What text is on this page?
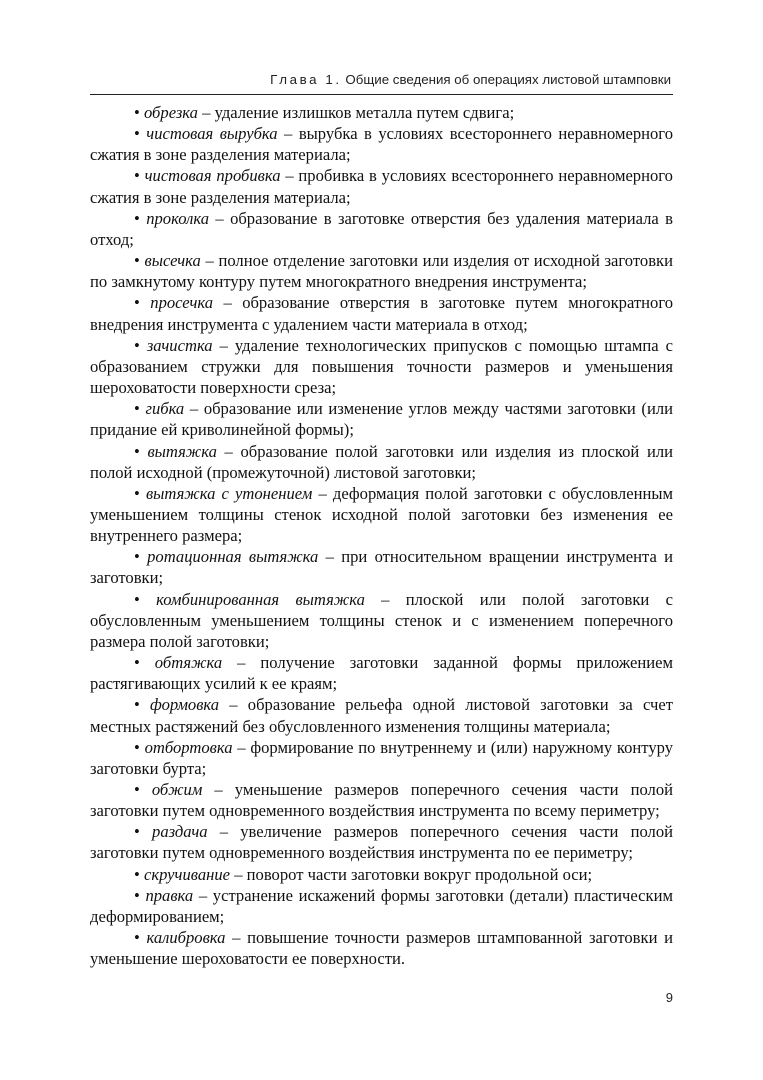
Глава 1. Общие сведения об операциях листовой штамповки

• обрезка – удаление излишков металла путем сдвига;

• чистовая вырубка – вырубка в условиях всестороннего неравномерного сжатия в зоне разделения материала;

• чистовая пробивка – пробивка в условиях всестороннего неравномерного сжатия в зоне разделения материала;

• проколка – образование в заготовке отверстия без удаления материала в отход;

• высечка – полное отделение заготовки или изделия от исходной заготовки по замкнутому контуру путем многократного внедрения инструмента;

• просечка – образование отверстия в заготовке путем многократного внедрения инструмента с удалением части материала в отход;

• зачистка – удаление технологических припусков с помощью штампа с образованием стружки для повышения точности размеров и уменьшения шероховатости поверхности среза;

• гибка – образование или изменение углов между частями заготовки (или придание ей криволинейной формы);

• вытяжка – образование полой заготовки или изделия из плоской или полой исходной (промежуточной) листовой заготовки;

• вытяжка с утонением – деформация полой заготовки с обусловленным уменьшением толщины стенок исходной полой заготовки без изменения ее внутреннего размера;

• ротационная вытяжка – при относительном вращении инструмента и заготовки;

• комбинированная вытяжка – плоской или полой заготовки с обусловленным уменьшением толщины стенок и с изменением поперечного размера полой заготовки;

• обтяжка – получение заготовки заданной формы приложением растягивающих усилий к ее краям;

• формовка – образование рельефа одной листовой заготовки за счет местных растяжений без обусловленного изменения толщины материала;

• отбортовка – формирование по внутреннему и (или) наружному контуру заготовки бурта;

• обжим – уменьшение размеров поперечного сечения части полой заготовки путем одновременного воздействия инструмента по всему периметру;

• раздача – увеличение размеров поперечного сечения части полой заготовки путем одновременного воздействия инструмента по ее периметру;

• скручивание – поворот части заготовки вокруг продольной оси;

• правка – устранение искажений формы заготовки (детали) пластическим деформированием;

• калибровка – повышение точности размеров штампованной заготовки и уменьшение шероховатости ее поверхности.

9
